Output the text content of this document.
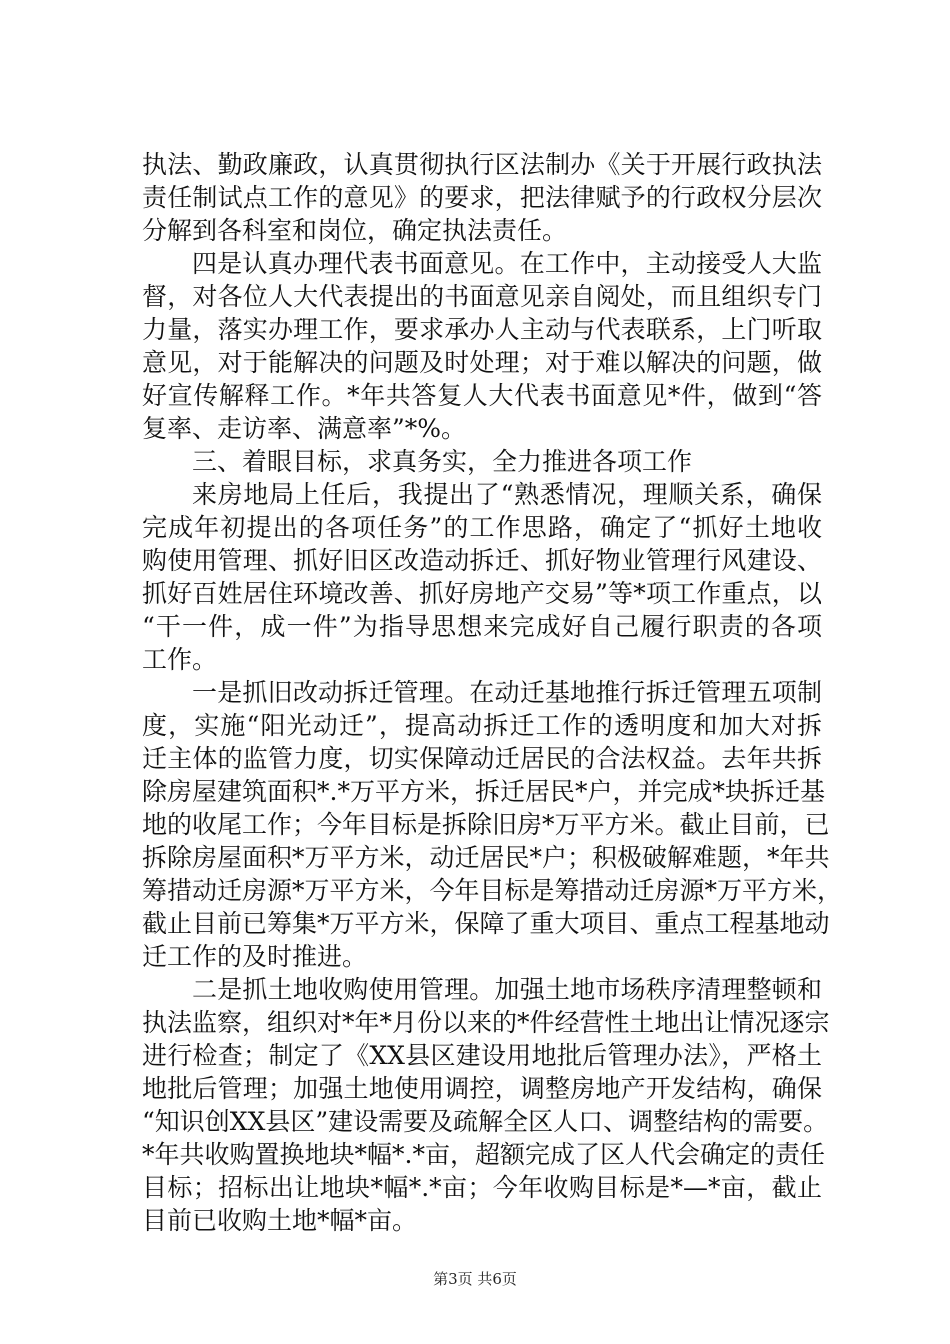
执法、勤政廉政，认真贯彻执行区法制办《关于开展行政执法
责任制试点工作的意见》的要求，把法律赋予的行政权分层次
分解到各科室和岗位，确定执法责任。
四是认真办理代表书面意见。在工作中，主动接受人大监
督，对各位人大代表提出的书面意见亲自阅处，而且组织专门
力量，落实办理工作，要求承办人主动与代表联系，上门听取
意见，对于能解决的问题及时处理；对于难以解决的问题，做
好宣传解释工作。*年共答复人大代表书面意见*件，做到“答
复率、走访率、满意率”*%。
三、着眼目标，求真务实，全力推进各项工作
来房地局上任后，我提出了“熟悉情况，理顺关系，确保
完成年初提出的各项任务”的工作思路，确定了“抓好土地收
购使用管理、抓好旧区改造动拆迁、抓好物业管理行风建设、
抓好百姓居住环境改善、抓好房地产交易”等*项工作重点，以
“干一件，成一件”为指导思想来完成好自己履行职责的各项
工作。
一是抓旧改动拆迁管理。在动迁基地推行拆迁管理五项制
度，实施“阳光动迁”，提高动拆迁工作的透明度和加大对拆
迁主体的监管力度，切实保障动迁居民的合法权益。去年共拆
除房屋建筑面积*.*万平方米，拆迁居民*户，并完成*块拆迁基
地的收尾工作；今年目标是拆除旧房*万平方米。截止目前，已
拆除房屋面积*万平方米，动迁居民*户；积极破解难题，*年共
筹措动迁房源*万平方米，今年目标是筹措动迁房源*万平方米，
截止目前已筹集*万平方米，保障了重大项目、重点工程基地动
迁工作的及时推进。
二是抓土地收购使用管理。加强土地市场秩序清理整顿和
执法监察，组织对*年*月份以来的*件经营性土地出让情况逐宗
进行检查；制定了《XX县区建设用地批后管理办法》，严格土
地批后管理；加强土地使用调控，调整房地产开发结构，确保
“知识创XX县区”建设需要及疏解全区人口、调整结构的需要。
*年共收购置换地块*幅*.*亩，超额完成了区人代会确定的责任
目标；招标出让地块*幅*.*亩；今年收购目标是*—*亩，截止
目前已收购土地*幅*亩。
第3页 共6页
